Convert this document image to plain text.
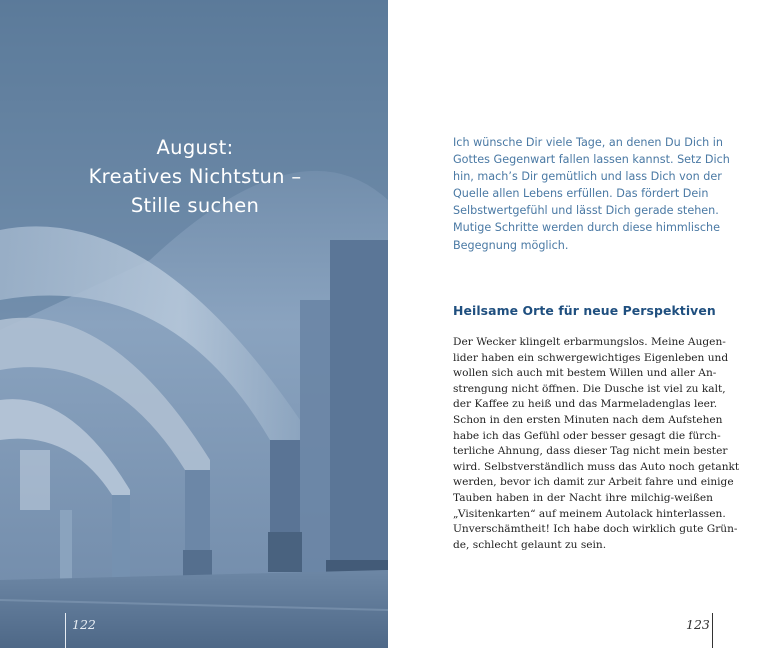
August:
Kreatives Nichtstun –
Stille suchen
122
Ich wünsche Dir viele Tage, an denen Du Dich in
Gottes Gegenwart fallen lassen kannst. Setz Dich
hin, mach’s Dir gemütlich und lass Dich von der
Quelle allen Lebens erfüllen. Das fördert Dein
Selbstwertgefühl und lässt Dich gerade stehen.
Mutige Schritte werden durch diese himmlische
Begegnung möglich.
Heilsame Orte für neue Perspektiven
Der Wecker klingelt erbarmungslos. Meine Augen-
lider haben ein schwergewichtiges Eigenleben und
wollen sich auch mit bestem Willen und aller An-
strengung nicht öffnen. Die Dusche ist viel zu kalt,
der Kaffee zu heiß und das Marmeladenglas leer.
Schon in den ersten Minuten nach dem Aufstehen
habe ich das Gefühl oder besser gesagt die fürch-
terliche Ahnung, dass dieser Tag nicht mein bester
wird. Selbstverständlich muss das Auto noch getankt
werden, bevor ich damit zur Arbeit fahre und einige
Tauben haben in der Nacht ihre milchig-weißen
„Visitenkarten“ auf meinem Autolack hinterlassen.
Unverschämtheit! Ich habe doch wirklich gute Grün-
de, schlecht gelaunt zu sein.
123
